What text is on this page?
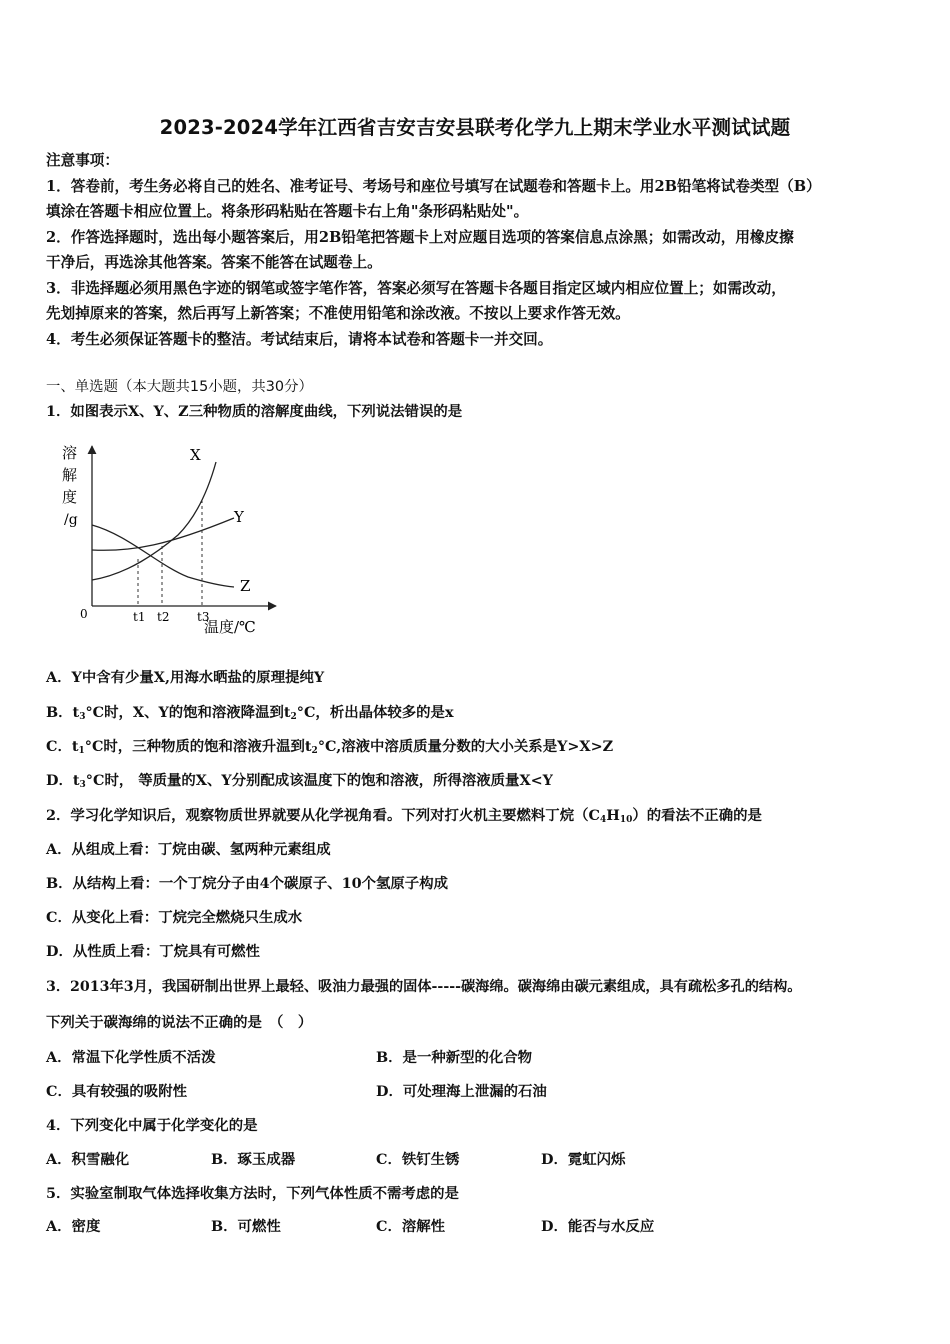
2023-2024学年江西省吉安吉安县联考化学九上期末学业水平测试试题
注意事项：
1．答卷前，考生务必将自己的姓名、准考证号、考场号和座位号填写在试题卷和答题卡上。用2B铅笔将试卷类型（B）
填涂在答题卡相应位置上。将条形码粘贴在答题卡右上角"条形码粘贴处"。
2．作答选择题时，选出每小题答案后，用2B铅笔把答题卡上对应题目选项的答案信息点涂黑；如需改动，用橡皮擦
干净后，再选涂其他答案。答案不能答在试题卷上。
3．非选择题必须用黑色字迹的钢笔或签字笔作答，答案必须写在答题卡各题目指定区域内相应位置上；如需改动，
先划掉原来的答案，然后再写上新答案；不准使用铅笔和涂改液。不按以上要求作答无效。
4．考生必须保证答题卡的整洁。考试结束后，请将本试卷和答题卡一并交回。
一、单选题（本大题共15小题，共30分）
1．如图表示X、Y、Z三种物质的溶解度曲线，下列说法错误的是
溶
解
度
/g
X
Y
Z
0	t1 t2 t3
温度/℃
A．Y中含有少量X,用海水晒盐的原理提纯Y
B．$t_3^\circ C$时，X、Y的饱和溶液降温到$t_2^\circ C$，析出晶体较多的是x
C．$t_1^\circ C$时，三种物质的饱和溶液升温到$t_2^\circ C$,溶液中溶质质量分数的大小关系是Y>X>Z
D．$t_3^\circ C$时， 等质量的X、Y分别配成该温度下的饱和溶液，所得溶液质量X<Y
2．学习化学知识后，观察物质世界就要从化学视角看。下列对打火机主要燃料丁烷$(C_4H_{10})$的看法不正确的是
A．从组成上看：丁烷由碳、氢两种元素组成
B．从结构上看：一个丁烷分子由4个碳原子、10个氢原子构成
C．从变化上看：丁烷完全燃烧只生成水
D．从性质上看：丁烷具有可燃性
3．2013年3月，我国研制出世界上最轻、吸油力最强的固体-----碳海绵。碳海绵由碳元素组成，具有疏松多孔的结构。
下列关于碳海绵的说法不正确的是　（　）
A．常温下化学性质不活泼	B．是一种新型的化合物
C．具有较强的吸附性	D．可处理海上泄漏的石油
4．下列变化中属于化学变化的是
A．积雪融化	B．琢玉成器	C．铁钉生锈	D．霓虹闪烁
5．实验室制取气体选择收集方法时，下列气体性质不需考虑的是
A．密度	B．可燃性	C．溶解性	D．能否与水反应
